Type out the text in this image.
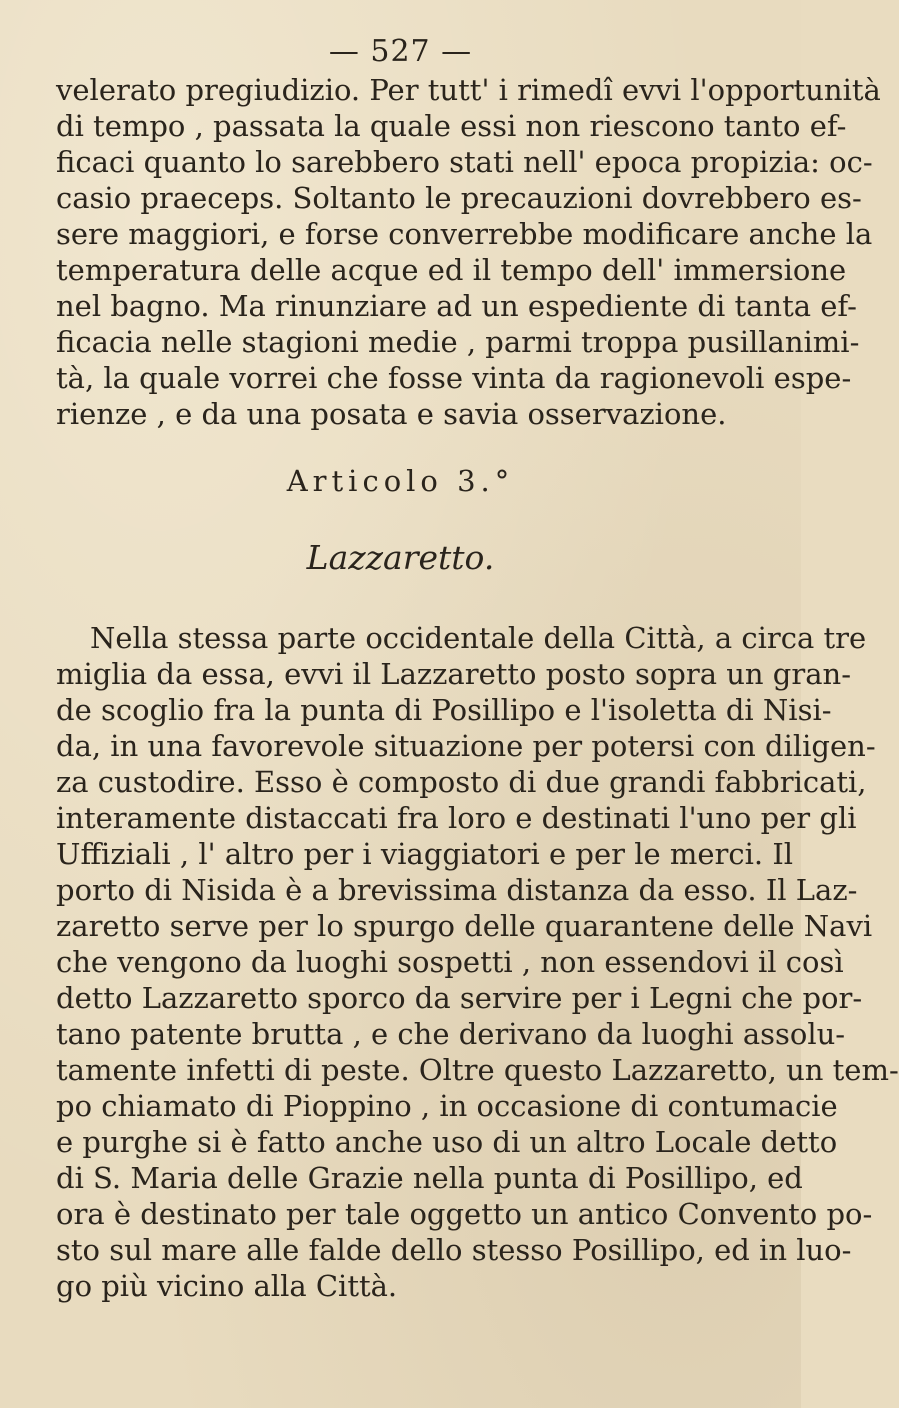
— 527 —
velerato pregiudizio. Per tutt' i rimedî evvi l'opportunità
di tempo , passata la quale essi non riescono tanto ef-
ficaci quanto lo sarebbero stati nell' epoca propizia: oc-
casio praeceps. Soltanto le precauzioni dovrebbero es-
sere maggiori, e forse converrebbe modificare anche la
temperatura delle acque ed il tempo dell' immersione
nel bagno. Ma rinunziare ad un espediente di tanta ef-
ficacia nelle stagioni medie , parmi troppa pusillanimi-
tà, la quale vorrei che fosse vinta da ragionevoli espe-
rienze , e da una posata e savia osservazione.
Articolo 3.°
Lazzaretto.
Nella stessa parte occidentale della Città, a circa tre
miglia da essa, evvi il Lazzaretto posto sopra un gran-
de scoglio fra la punta di Posillipo e l'isoletta di Nisi-
da, in una favorevole situazione per potersi con diligen-
za custodire. Esso è composto di due grandi fabbricati,
interamente distaccati fra loro e destinati l'uno per gli
Uffiziali , l' altro per i viaggiatori e per le merci. Il
porto di Nisida è a brevissima distanza da esso. Il Laz-
zaretto serve per lo spurgo delle quarantene delle Navi
che vengono da luoghi sospetti , non essendovi il così
detto Lazzaretto sporco da servire per i Legni che por-
tano patente brutta , e che derivano da luoghi assolu-
tamente infetti di peste. Oltre questo Lazzaretto, un tem-
po chiamato di Pioppino , in occasione di contumacie
e purghe si è fatto anche uso di un altro Locale detto
di S. Maria delle Grazie nella punta di Posillipo, ed
ora è destinato per tale oggetto un antico Convento po-
sto sul mare alle falde dello stesso Posillipo, ed in luo-
go più vicino alla Città.
